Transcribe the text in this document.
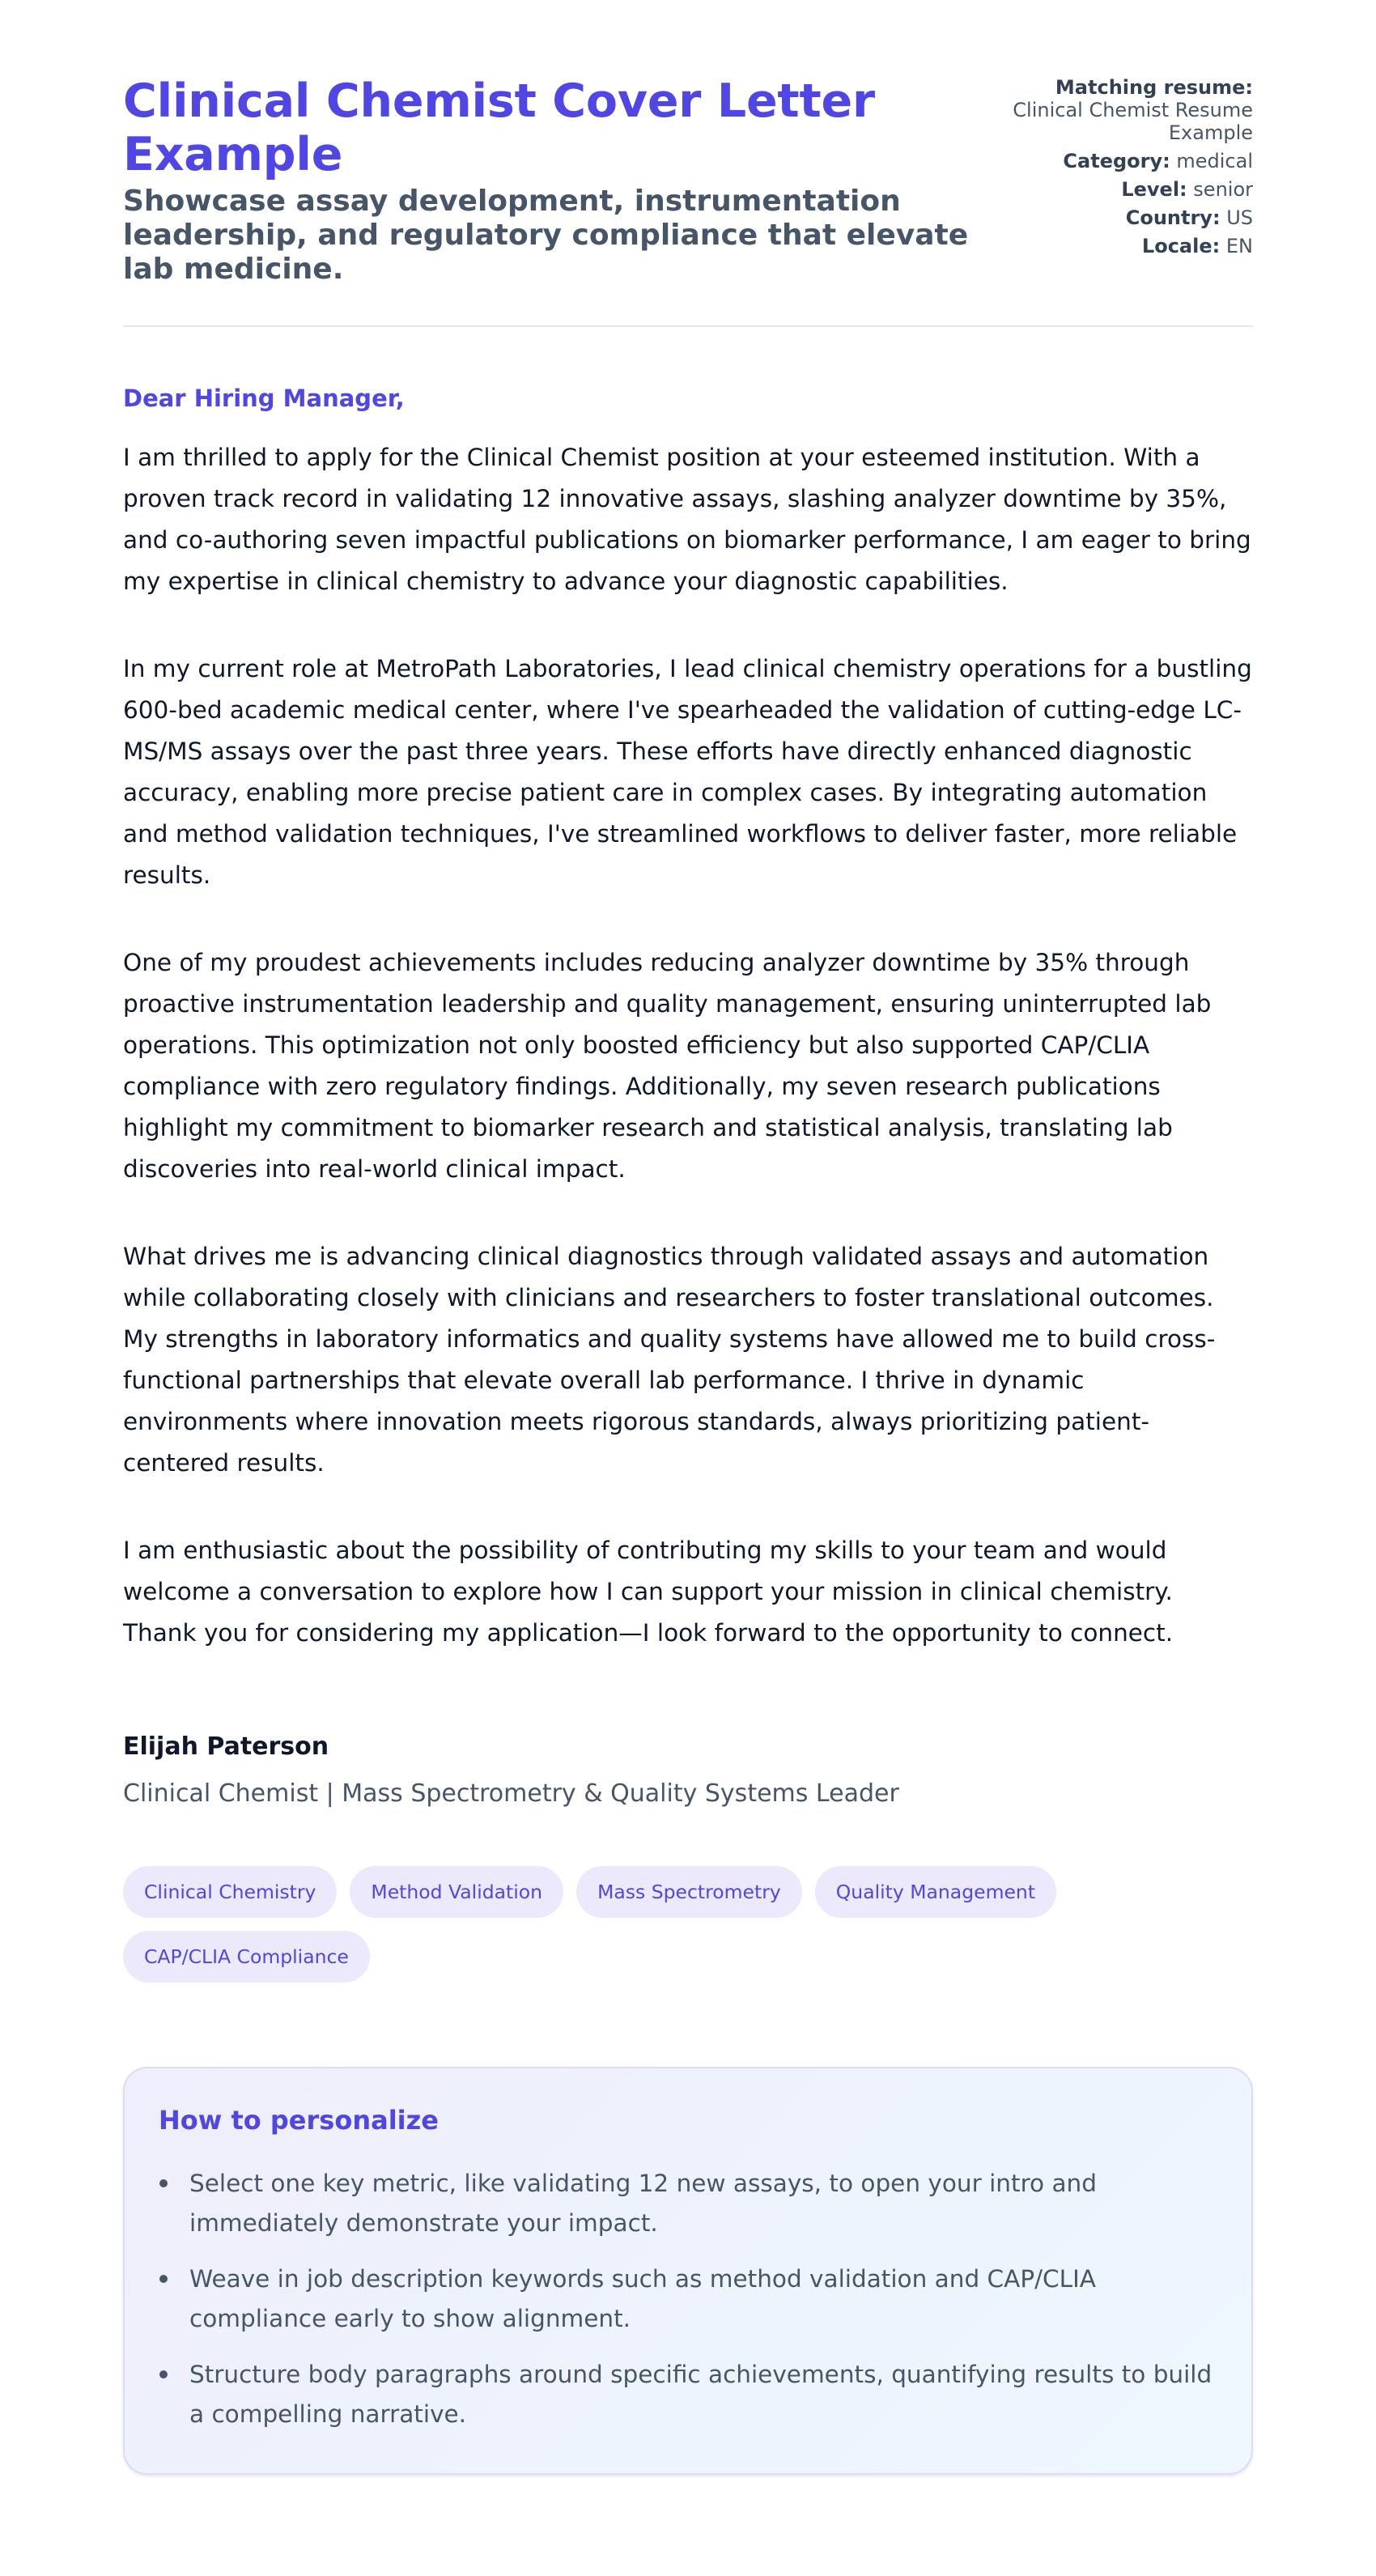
Clinical Chemist Cover Letter Example
Showcase assay development, instrumentation leadership, and regulatory compliance that elevate lab medicine.
Matching resume:
Clinical Chemist Resume Example
Category: medical
Level: senior
Country: US
Locale: EN
Dear Hiring Manager,

I am thrilled to apply for the Clinical Chemist position at your esteemed institution. With a proven track record in validating 12 innovative assays, slashing analyzer downtime by 35%, and co-authoring seven impactful publications on biomarker performance, I am eager to bring my expertise in clinical chemistry to advance your diagnostic capabilities.

In my current role at MetroPath Laboratories, I lead clinical chemistry operations for a bustling 600-bed academic medical center, where I've spearheaded the validation of cutting-edge LC-MS/MS assays over the past three years. These efforts have directly enhanced diagnostic accuracy, enabling more precise patient care in complex cases. By integrating automation and method validation techniques, I've streamlined workflows to deliver faster, more reliable results.

One of my proudest achievements includes reducing analyzer downtime by 35% through proactive instrumentation leadership and quality management, ensuring uninterrupted lab operations. This optimization not only boosted efficiency but also supported CAP/CLIA compliance with zero regulatory findings. Additionally, my seven research publications highlight my commitment to biomarker research and statistical analysis, translating lab discoveries into real-world clinical impact.

What drives me is advancing clinical diagnostics through validated assays and automation while collaborating closely with clinicians and researchers to foster translational outcomes. My strengths in laboratory informatics and quality systems have allowed me to build cross-functional partnerships that elevate overall lab performance. I thrive in dynamic environments where innovation meets rigorous standards, always prioritizing patient-centered results.

I am enthusiastic about the possibility of contributing my skills to your team and would welcome a conversation to explore how I can support your mission in clinical chemistry. Thank you for considering my application—I look forward to the opportunity to connect.

Elijah Paterson
Clinical Chemist | Mass Spectrometry & Quality Systems Leader
Clinical Chemistry	Method Validation	Mass Spectrometry	Quality Management
CAP/CLIA Compliance
How to personalize
Select one key metric, like validating 12 new assays, to open your intro and immediately demonstrate your impact.
Weave in job description keywords such as method validation and CAP/CLIA compliance early to show alignment.
Structure body paragraphs around specific achievements, quantifying results to build a compelling narrative.
